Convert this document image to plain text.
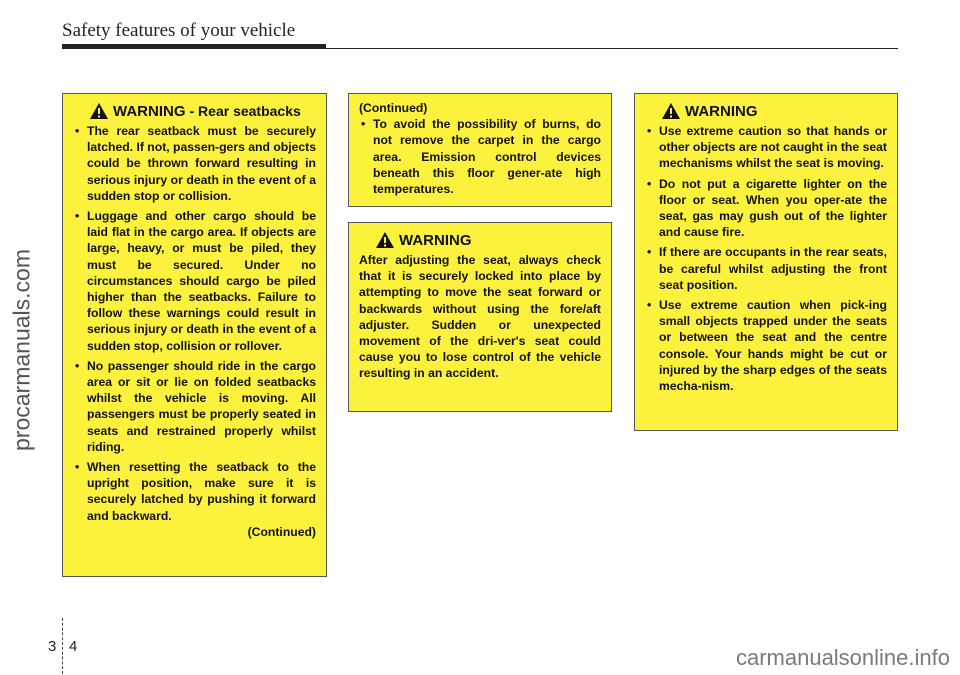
Safety features of your vehicle
procarmanuals.com
WARNING - Rear seatbacks
• The rear seatback must be securely latched. If not, passen-gers and objects could be thrown forward resulting in serious injury or death in the event of a sudden stop or collision.
• Luggage and other cargo should be laid flat in the cargo area. If objects are large, heavy, or must be piled, they must be secured. Under no circumstances should cargo be piled higher than the seatbacks. Failure to follow these warnings could result in serious injury or death in the event of a sudden stop, collision or rollover.
• No passenger should ride in the cargo area or sit or lie on folded seatbacks whilst the vehicle is moving. All passengers must be properly seated in seats and restrained properly whilst riding.
• When resetting the seatback to the upright position, make sure it is securely latched by pushing it forward and backward.
(Continued)
(Continued)
• To avoid the possibility of burns, do not remove the carpet in the cargo area. Emission control devices beneath this floor gener-ate high temperatures.
WARNING

After adjusting the seat, always check that it is securely locked into place by attempting to move the seat forward or backwards without using the fore/aft adjuster. Sudden or unexpected movement of the dri-ver's seat could cause you to lose control of the vehicle resulting in an accident.

WARNING
• Use extreme caution so that hands or other objects are not caught in the seat mechanisms whilst the seat is moving.
• Do not put a cigarette lighter on the floor or seat. When you oper-ate the seat, gas may gush out of the lighter and cause fire.
• If there are occupants in the rear seats, be careful whilst adjusting the front seat position.
• Use extreme caution when pick-ing small objects trapped under the seats or between the seat and the centre console. Your hands might be cut or injured by the sharp edges of the seats mecha-nism.
3 4	carmanualsonline.info
